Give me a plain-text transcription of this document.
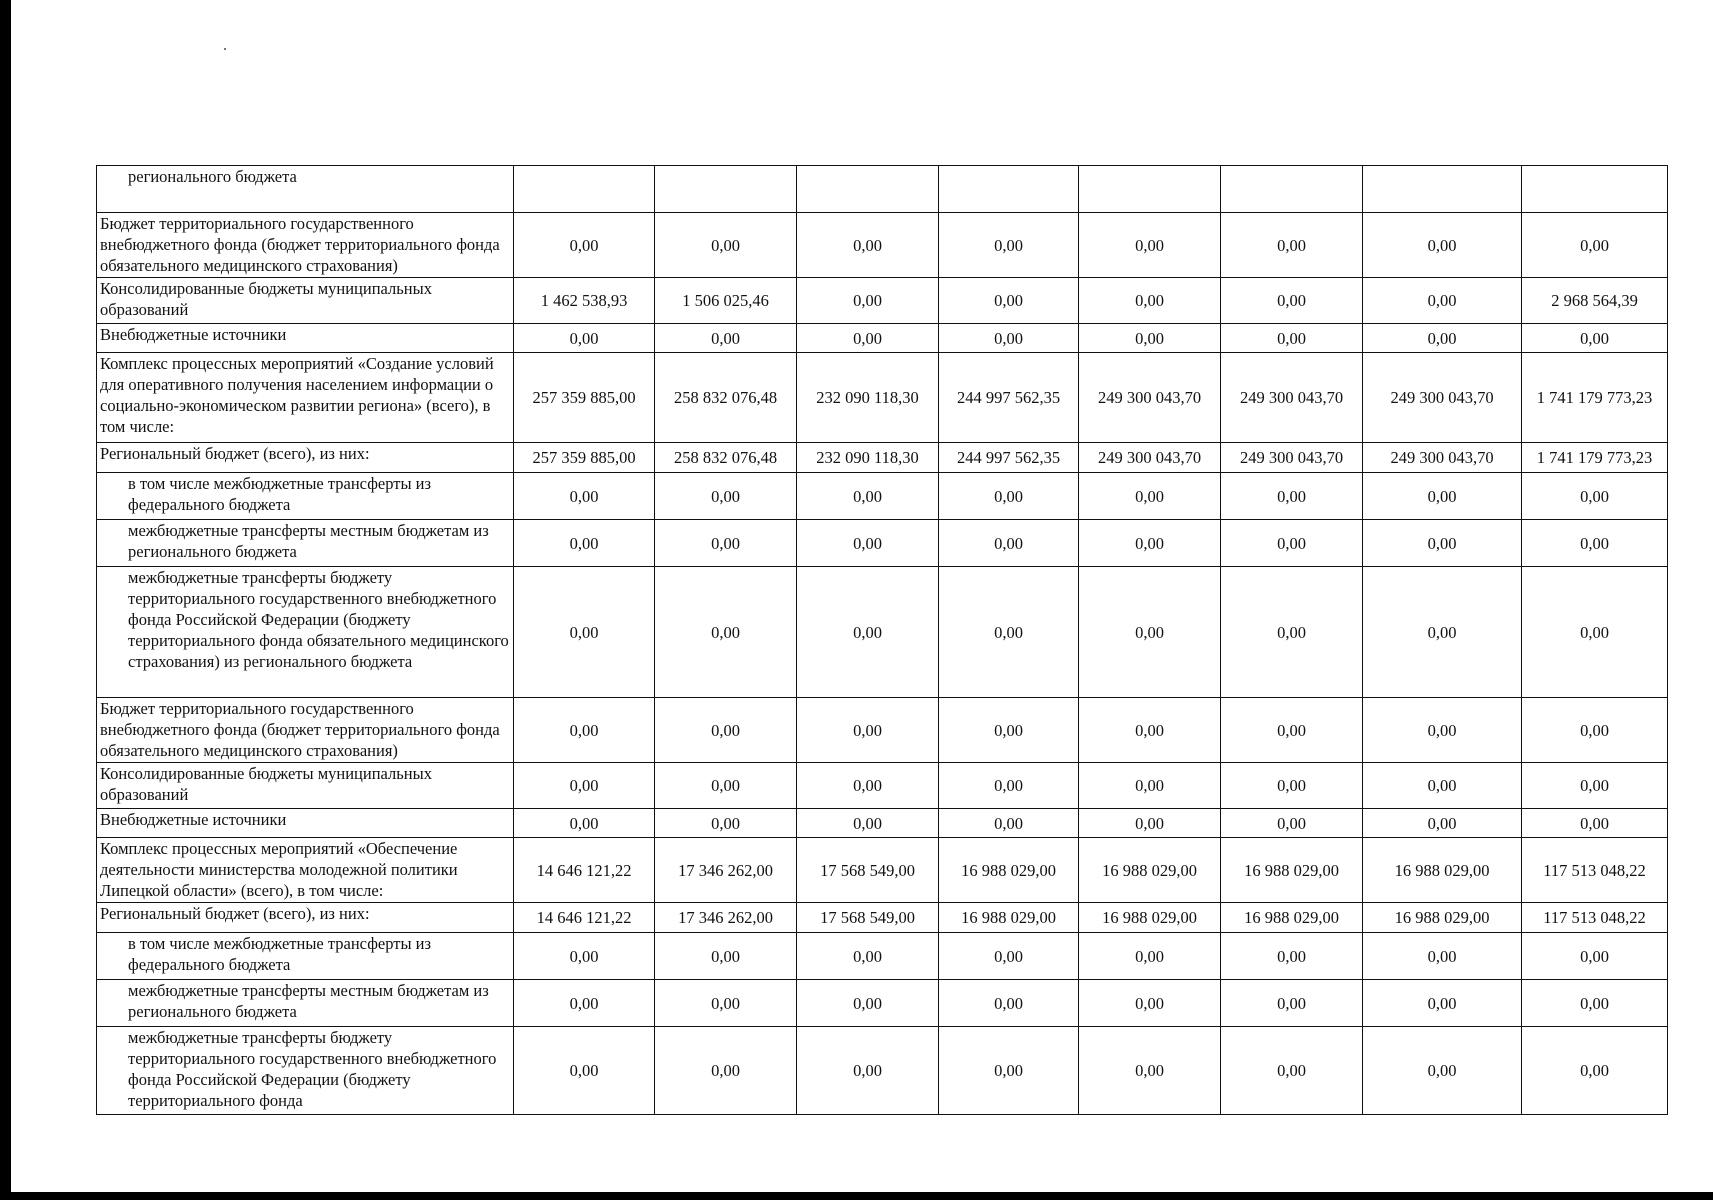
регионального бюджета								
Бюджет территориального государственного внебюджетного фонда (бюджет территориального фонда обязательного медицинского страхования)	0,00	0,00	0,00	0,00	0,00	0,00	0,00	0,00
Консолидированные бюджеты муниципальных образований	1 462 538,93	1 506 025,46	0,00	0,00	0,00	0,00	0,00	2 968 564,39
Внебюджетные источники	0,00	0,00	0,00	0,00	0,00	0,00	0,00	0,00
Комплекс процессных мероприятий «Создание условий для оперативного получения населением информации о социально-экономическом развитии региона» (всего), в том числе:	257 359 885,00	258 832 076,48	232 090 118,30	244 997 562,35	249 300 043,70	249 300 043,70	249 300 043,70	1 741 179 773,23
Региональный бюджет (всего), из них:	257 359 885,00	258 832 076,48	232 090 118,30	244 997 562,35	249 300 043,70	249 300 043,70	249 300 043,70	1 741 179 773,23
в том числе межбюджетные трансферты из федерального бюджета	0,00	0,00	0,00	0,00	0,00	0,00	0,00	0,00
межбюджетные трансферты местным бюджетам из регионального бюджета	0,00	0,00	0,00	0,00	0,00	0,00	0,00	0,00
межбюджетные трансферты бюджету территориального государственного внебюджетного фонда Российской Федерации (бюджету территориального фонда обязательного медицинского страхования) из регионального бюджета	0,00	0,00	0,00	0,00	0,00	0,00	0,00	0,00
Бюджет территориального государственного внебюджетного фонда (бюджет территориального фонда обязательного медицинского страхования)	0,00	0,00	0,00	0,00	0,00	0,00	0,00	0,00
Консолидированные бюджеты муниципальных образований	0,00	0,00	0,00	0,00	0,00	0,00	0,00	0,00
Внебюджетные источники	0,00	0,00	0,00	0,00	0,00	0,00	0,00	0,00
Комплекс процессных мероприятий «Обеспечение деятельности министерства молодежной политики Липецкой области» (всего), в том числе:	14 646 121,22	17 346 262,00	17 568 549,00	16 988 029,00	16 988 029,00	16 988 029,00	16 988 029,00	117 513 048,22
Региональный бюджет (всего), из них:	14 646 121,22	17 346 262,00	17 568 549,00	16 988 029,00	16 988 029,00	16 988 029,00	16 988 029,00	117 513 048,22
в том числе межбюджетные трансферты из федерального бюджета	0,00	0,00	0,00	0,00	0,00	0,00	0,00	0,00
межбюджетные трансферты местным бюджетам из регионального бюджета	0,00	0,00	0,00	0,00	0,00	0,00	0,00	0,00
межбюджетные трансферты бюджету территориального государственного внебюджетного фонда Российской Федерации (бюджету территориального фонда	0,00	0,00	0,00	0,00	0,00	0,00	0,00	0,00
